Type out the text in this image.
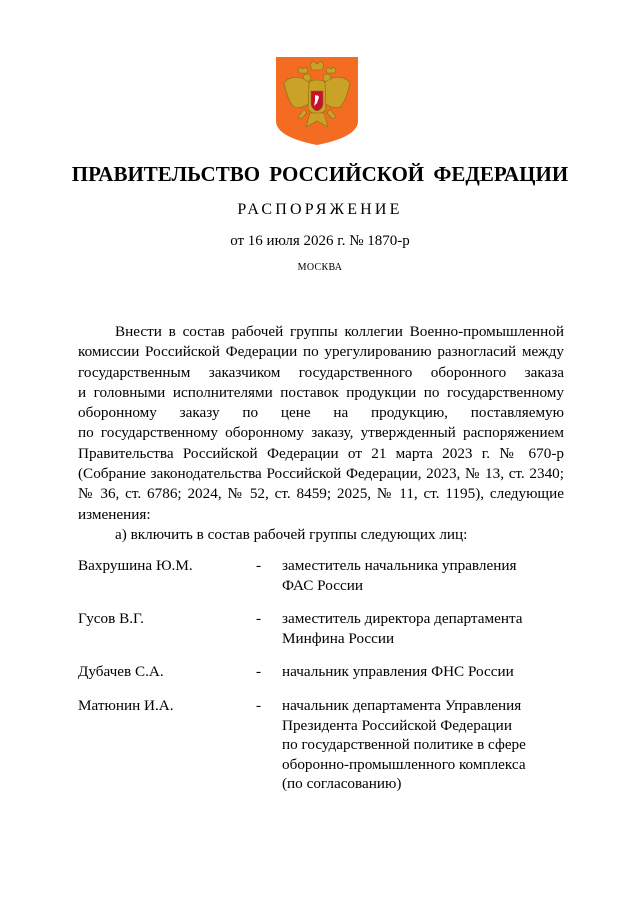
ПРАВИТЕЛЬСТВО РОССИЙСКОЙ ФЕДЕРАЦИИ
РАСПОРЯЖЕНИЕ
от 16 июля 2026 г. № 1870-р
МОСКВА
Внести в состав рабочей группы коллегии Военно-промышленной
комиссии Российской Федерации по урегулированию разногласий между
государственным заказчиком государственного оборонного заказа
и головными исполнителями поставок продукции по государственному
оборонному заказу по цене на продукцию, поставляемую
по государственному оборонному заказу, утвержденный распоряжением
Правительства Российской Федерации от 21 марта 2023 г. № 670-р
(Собрание законодательства Российской Федерации, 2023, № 13, ст. 2340;
№ 36, ст. 6786; 2024, № 52, ст. 8459; 2025, № 11, ст. 1195), следующие
изменения:
а) включить в состав рабочей группы следующих лиц:
Вахрушина Ю.М.	- заместитель начальника управления
ФАС России
Гусов В.Г.	- заместитель директора департамента
Минфина России
Дубачев С.А.	- начальник управления ФНС России
Матюнин И.А.	- начальник департамента Управления
Президента Российской Федерации
по государственной политике в сфере
оборонно-промышленного комплекса
(по согласованию)
